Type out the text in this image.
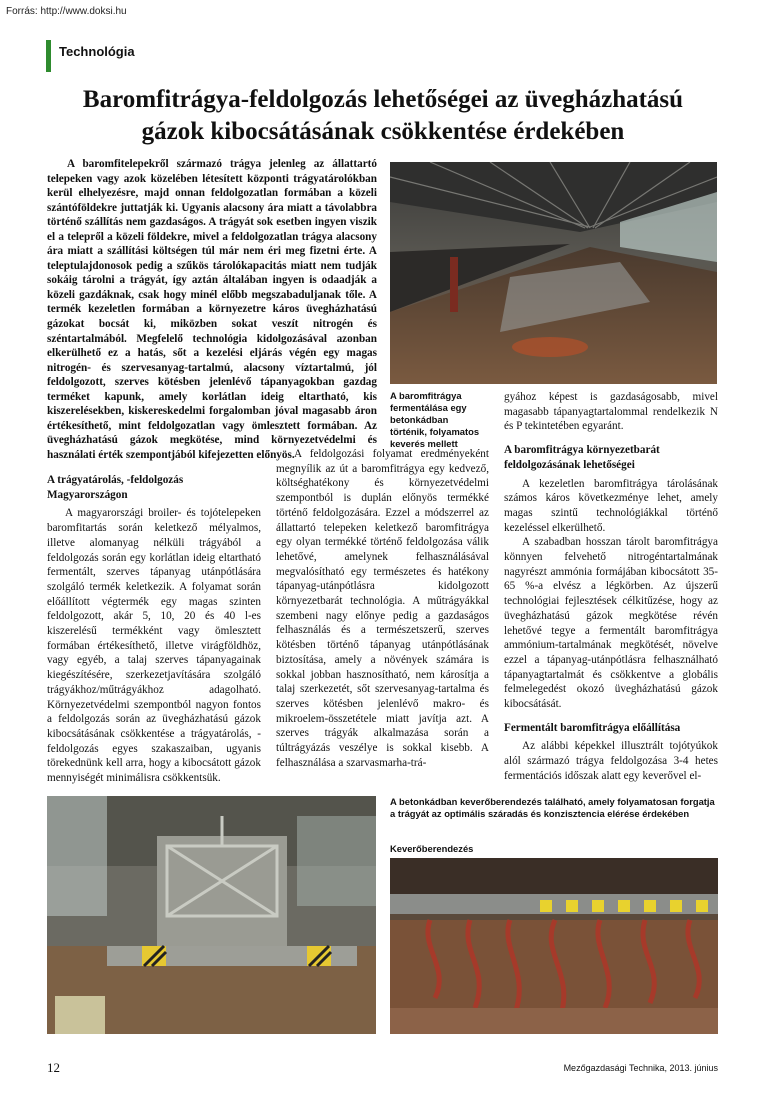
Forrás: http://www.doksi.hu
Technológia
Baromfitrágya-feldolgozás lehetőségei az üvegházhatású
gázok kibocsátásának csökkentése érdekében

A baromfitelepekről származó trágya jelenleg az állattartó telepeken vagy azok közelében létesített központi trágyatárolókban kerül elhelyezésre, majd onnan feldolgozatlan formában a közeli szántóföldekre juttatják ki. Ugyanis alacsony ára miatt a távolabbra történő szállítás nem gazdaságos. A trágyát sok esetben ingyen viszik el a telepről a közeli földekre, mivel a feldolgozatlan trágya alacsony ára miatt a szállítási költségen túl már nem éri meg fizetni érte. A teleptulajdonosok pedig a szűkös tárolókapacitás miatt nem tudják sokáig tárolni a trágyát, így aztán általában ingyen is odaadják a közeli gazdáknak, csak hogy minél előbb megszabaduljanak tőle. A termék kezeletlen formában a környezetre káros üvegházhatású gázokat bocsát ki, miközben sokat veszít nitrogén és széntartalmából. Megfelelő technológia kidolgozásával azonban elkerülhető ez a hatás, sőt a kezelési eljárás végén egy magas nitrogén- és szervesanyag-tartalmú, alacsony víztartalmú, jól feldolgozott, szerves kötésben jelenlévő tápanyagokban gazdag terméket kapunk, amely korlátlan ideig eltartható, kis kiszerelésekben, kiskereskedelmi forgalomban jóval magasabb áron értékesíthető, mint feldolgozatlan vagy ömlesztett formában. Az üvegházhatású gázok megkötése, mind környezetvédelmi és használati érték szempontjából kifejezetten előnyös.

A baromfitrágya fermentálása egy betonkádban történik, folyamatos keverés mellett

A trágyatárolás, -feldolgozás Magyarországon

A magyarországi broiler- és tojótelepeken baromfitartás során keletkező mélyalmos, illetve alomanyag nélküli trágyából a feldolgozás során egy korlátlan ideig eltartható fermentált, szerves tápanyag utánpótlására szolgáló termék keletkezik. A folyamat során előállított végtermék egy magas szinten feldolgozott, akár 5, 10, 20 és 40 l-es kiszerelésű termékként vagy ömlesztett formában értékesíthető, illetve virágföldhöz, vagy egyéb, a talaj szerves tápanyagainak kiegészítésére, szerkezetjavítására szolgáló trágyákhoz/műtrágyákhoz adagolható. Környezetvédelmi szempontból nagyon fontos a feldolgozás során az üvegházhatású gázok kibocsátásának csökkentése a trágyatárolás, -feldolgozás egyes szakaszaiban, ugyanis törekednünk kell arra, hogy a kibocsátott gázok mennyiségét minimálisra csökkentsük.

A feldolgozási folyamat eredményeként megnyílik az út a baromfitrágya egy kedvező, költséghatékony és környezetvédelmi szempontból is duplán előnyös termékké történő feldolgozására. Ezzel a módszerrel az állattartó telepeken keletkező baromfitrágya egy olyan termékké történő feldolgozása válik lehetővé, amelynek felhasználásával megvalósítható egy természetes és hatékony tápanyag-utánpótlásra kidolgozott környezetbarát technológia. A műtrágyákkal szembeni nagy előnye pedig a gazdaságos felhasználás és a természetszerű, szerves kötésben történő tápanyag utánpótlásának biztosítása, amely a növények számára is sokkal jobban hasznosítható, nem károsítja a talaj szerkezetét, sőt szervesanyag-tartalma és szerves kötésben jelenlévő makro- és mikroelem-összetétele miatt javítja azt. A szerves trágyák alkalmazása során a túltrágyázás veszélye is sokkal kisebb. A felhasználása a szarvasmarha-trá-

gyához képest is gazdaságosabb, mivel magasabb tápanyagtartalommal rendelkezik N és P tekintetében egyaránt.

A baromfitrágya környezetbarát feldolgozásának lehetőségei

A kezeletlen baromfitrágya tárolásának számos káros következménye lehet, amely magas szintű technológiákkal történő kezeléssel elkerülhető.

A szabadban hosszan tárolt baromfitrágya könnyen felvehető nitrogéntartalmának nagyrészt ammónia formájában kibocsátott 35-65 %-a elvész a légkörben. Az újszerű technológiai fejlesztések célkitűzése, hogy az üvegházhatású gázok megkötése révén lehetővé tegye a fermentált baromfitrágya ammónium-tartalmának megkötését, növelve ezzel a tápanyag-utánpótlásra felhasználható tápanyagtartalmát és csökkentve a globális felmelegedést okozó üvegházhatású gázok kibocsátását.

Fermentált baromfitrágya előállítása

Az alábbi képekkel illusztrált tojótyúkok alól származó trágya feldolgozása 3-4 hetes fermentációs időszak alatt egy keverővel el-

A betonkádban keverőberendezés található, amely folyamatosan forgatja a trágyát az optimális száradás és konzisztencia elérése érdekében

Keverőberendezés

12	Mezőgazdasági Technika, 2013. június
